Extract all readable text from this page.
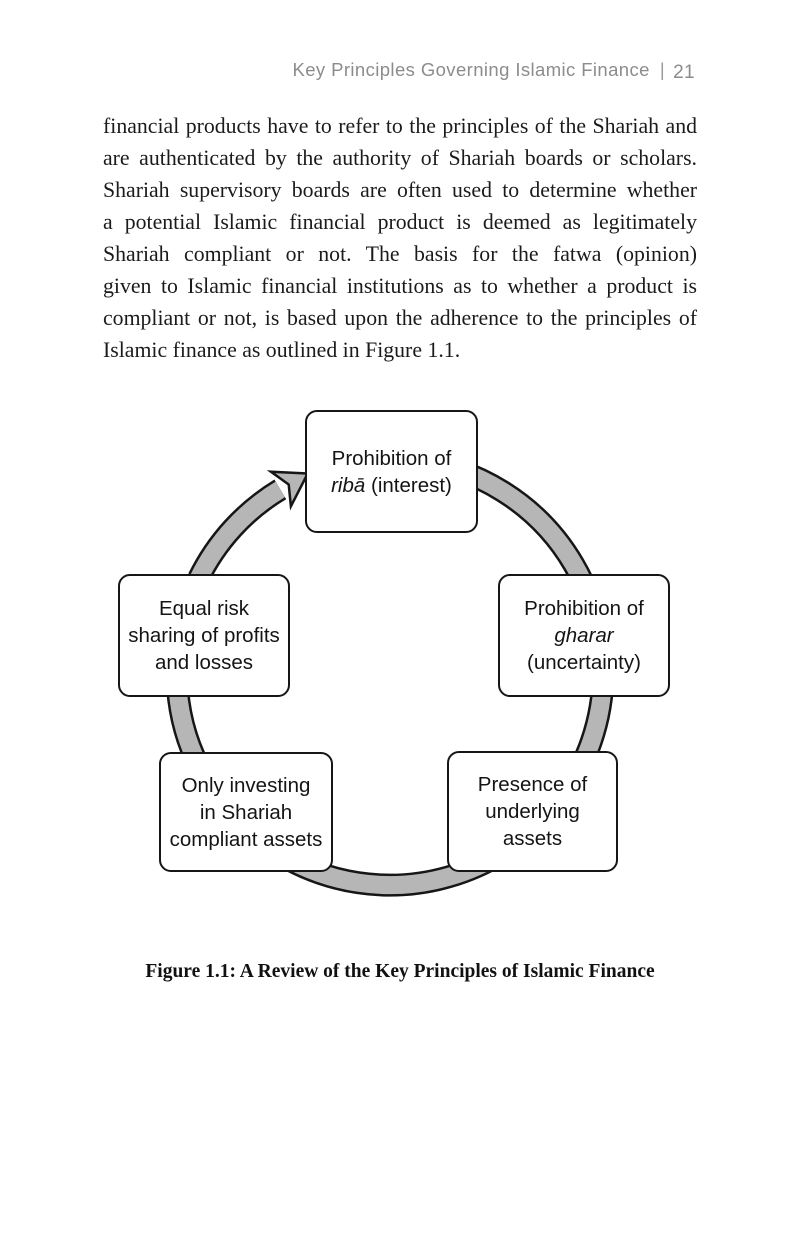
Key Principles Governing Islamic Finance | 21
financial products have to refer to the principles of the Shariah and
are authenticated by the authority of Shariah boards or scholars.
Shariah supervisory boards are often used to determine whether
a potential Islamic financial product is deemed as legitimately
Shariah compliant or not. The basis for the fatwa (opinion)
given to Islamic financial institutions as to whether a product is
compliant or not, is based upon the adherence to the principles of
Islamic finance as outlined in Figure 1.1.
Prohibition of
ribā (interest)
Prohibition of
gharar
(uncertainty)
Equal risk
sharing of profits
and losses
Only investing
in Shariah
compliant assets
Presence of
underlying
assets
Figure 1.1: A Review of the Key Principles of Islamic Finance
